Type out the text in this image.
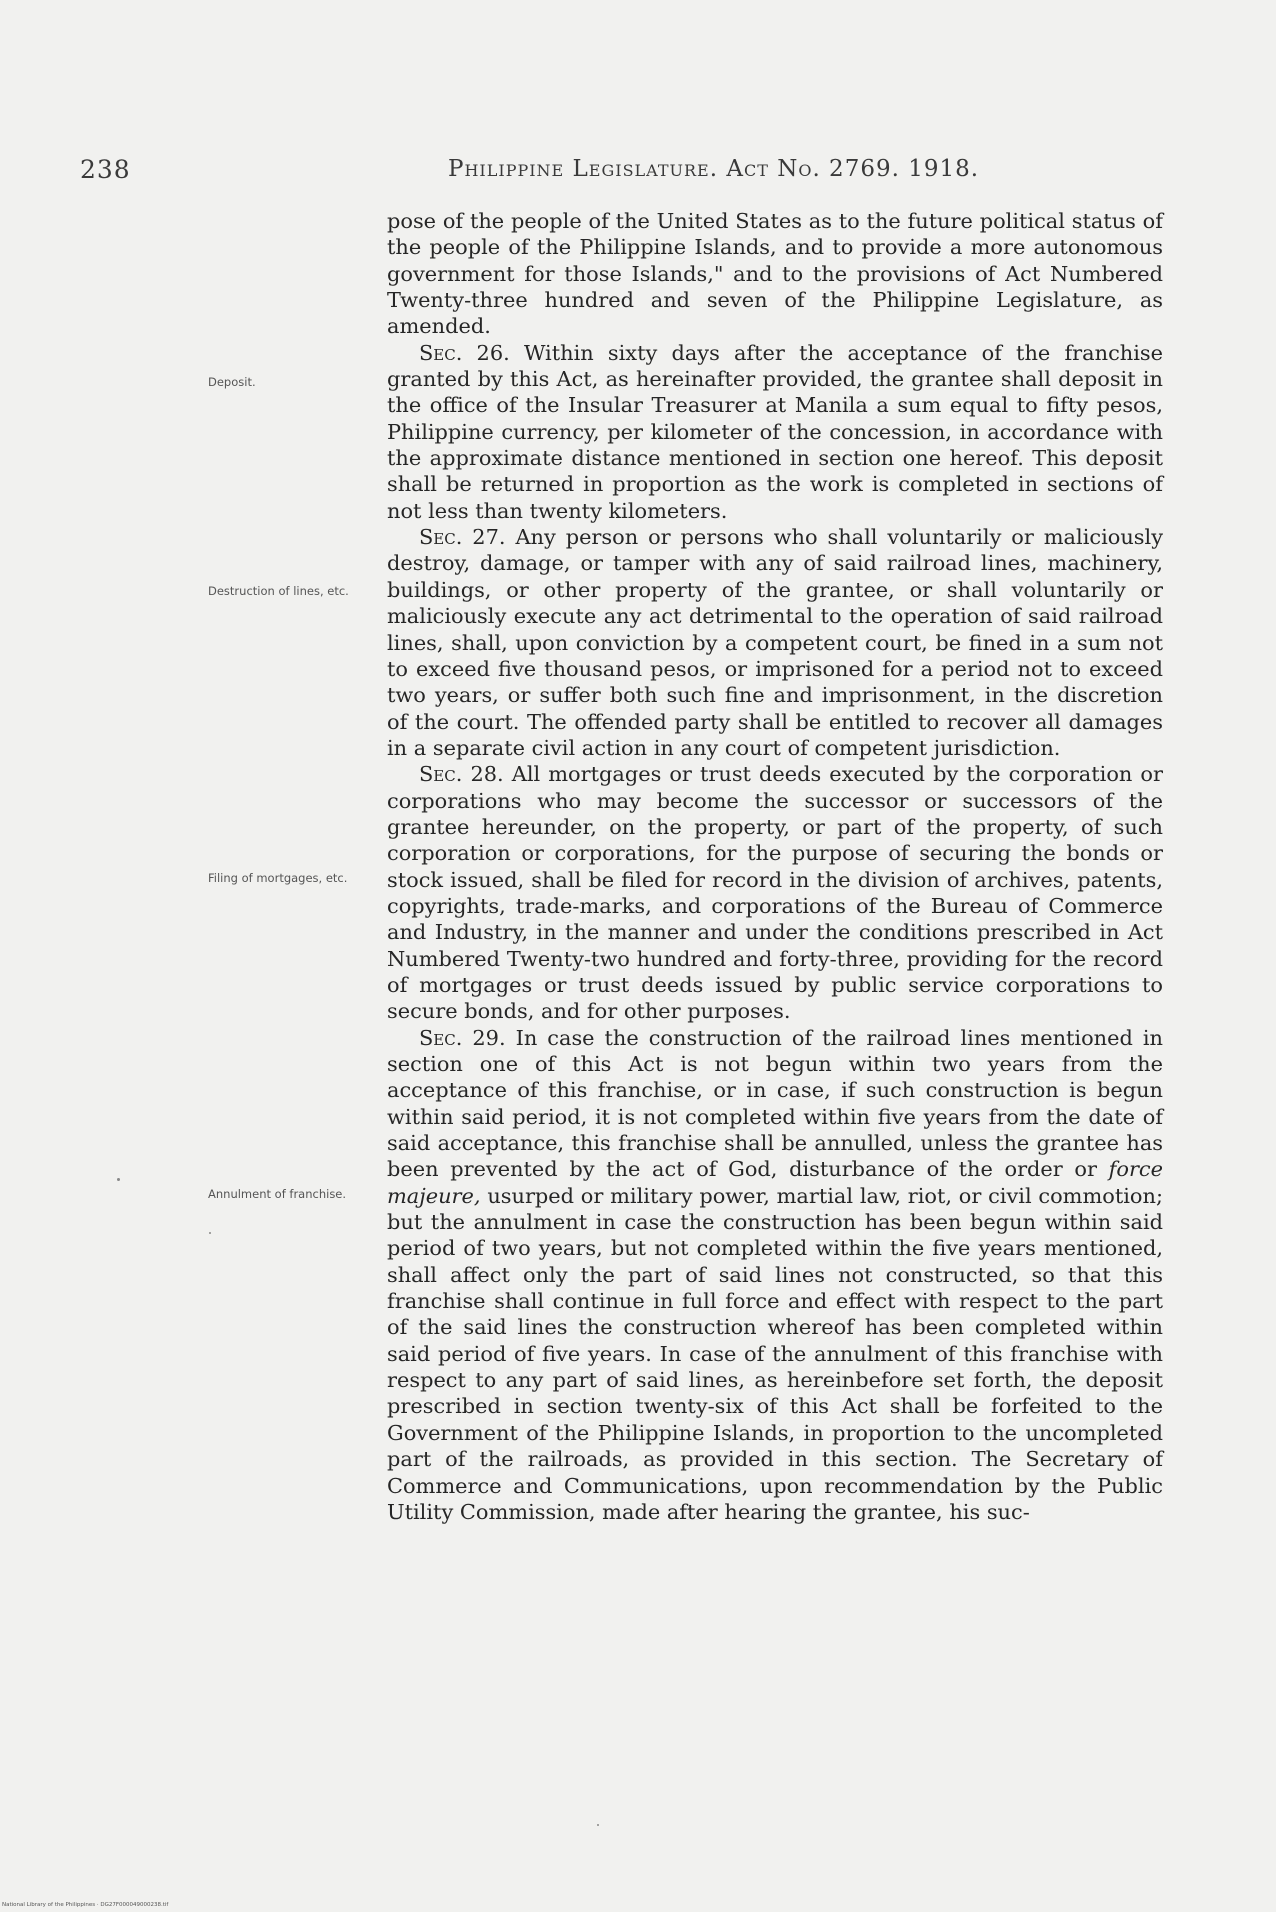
238	Philippine Legislature. Act No. 2769. 1918.
Deposit.
Destruction of lines, etc.
Filing of mortgages, etc.
Annulment of franchise.

pose of the people of the United States as to the future political status of the people of the Philippine Islands, and to provide a more autonomous government for those Islands," and to the provisions of Act Numbered Twenty-three hundred and seven of the Philippine Legislature, as amended.

Sec. 26. Within sixty days after the acceptance of the franchise granted by this Act, as hereinafter provided, the grantee shall deposit in the office of the Insular Treasurer at Manila a sum equal to fifty pesos, Philippine currency, per kilometer of the concession, in accordance with the approximate distance mentioned in section one hereof. This deposit shall be returned in proportion as the work is completed in sections of not less than twenty kilometers.

Sec. 27. Any person or persons who shall voluntarily or maliciously destroy, damage, or tamper with any of said railroad lines, machinery, buildings, or other property of the grantee, or shall voluntarily or maliciously execute any act detrimental to the operation of said railroad lines, shall, upon conviction by a competent court, be fined in a sum not to exceed five thousand pesos, or imprisoned for a period not to exceed two years, or suffer both such fine and imprisonment, in the discretion of the court. The offended party shall be entitled to recover all damages in a separate civil action in any court of competent jurisdiction.

Sec. 28. All mortgages or trust deeds executed by the corporation or corporations who may become the successor or successors of the grantee hereunder, on the property, or part of the property, of such corporation or corporations, for the purpose of securing the bonds or stock issued, shall be filed for record in the division of archives, patents, copyrights, trade-marks, and corporations of the Bureau of Commerce and Industry, in the manner and under the conditions prescribed in Act Numbered Twenty-two hundred and forty-three, providing for the record of mortgages or trust deeds issued by public service corporations to secure bonds, and for other purposes.

Sec. 29. In case the construction of the railroad lines mentioned in section one of this Act is not begun within two years from the acceptance of this franchise, or in case, if such construction is begun within said period, it is not completed within five years from the date of said acceptance, this franchise shall be annulled, unless the grantee has been prevented by the act of God, disturbance of the order or force majeure, usurped or military power, martial law, riot, or civil commotion; but the annulment in case the construction has been begun within said period of two years, but not completed within the five years mentioned, shall affect only the part of said lines not constructed, so that this franchise shall continue in full force and effect with respect to the part of the said lines the construction whereof has been completed within said period of five years. In case of the annulment of this franchise with respect to any part of said lines, as hereinbefore set forth, the deposit prescribed in section twenty-six of this Act shall be forfeited to the Government of the Philippine Islands, in proportion to the uncompleted part of the railroads, as provided in this section. The Secretary of Commerce and Communications, upon recommendation by the Public Utility Commission, made after hearing the grantee, his suc-

National Library of the Philippines · DG27F000049000238.tif
